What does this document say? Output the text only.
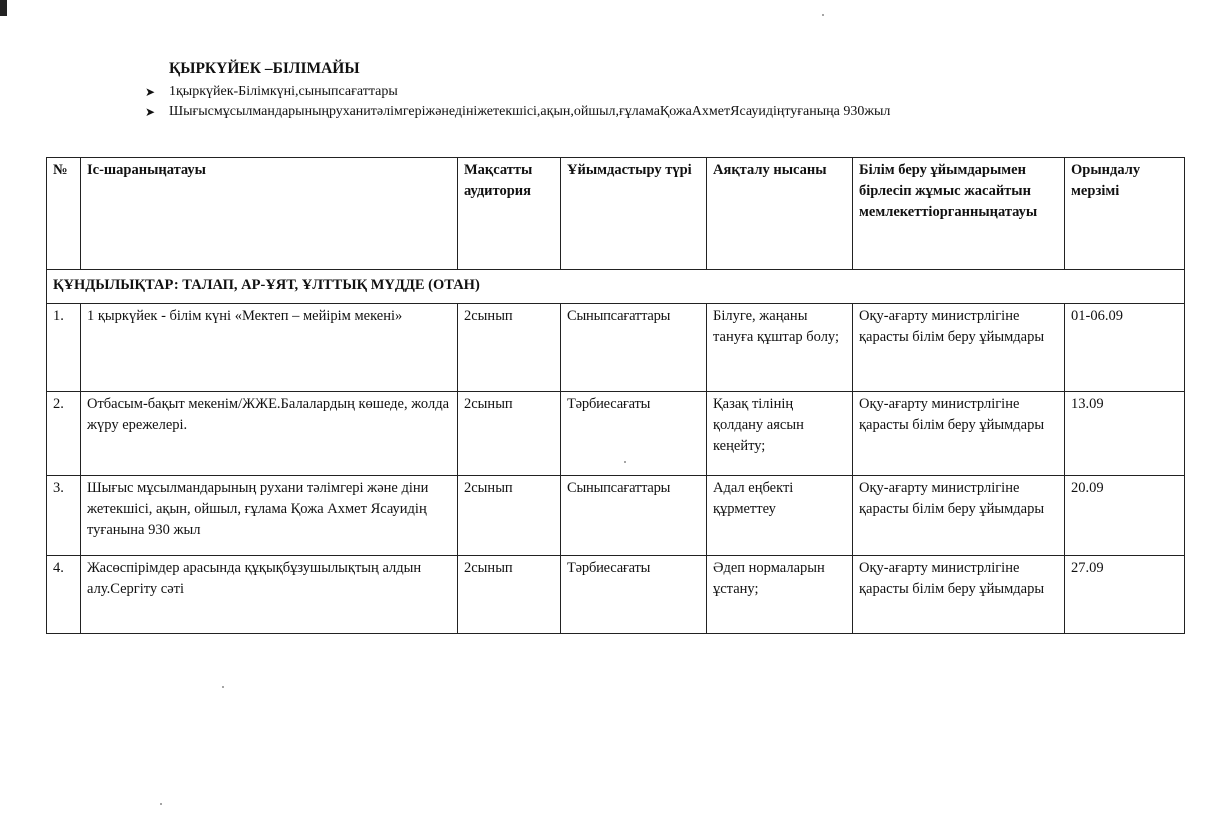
ҚЫРКҮЙЕК –БІЛІМАЙЫ
➤ 1қыркүйек-Білімкүні,сыныпсағаттары
➤ Шығысмұсылмандарыныңруханитәлімгеріжәнедініжетекшісі,ақын,ойшыл,ғұламаҚожаАхметЯсауидіңтуғаныңа 930жыл
№	Іс-шараныңатауы	Мақсатты аудитория	Ұйымдастыру түрі	Аяқталу нысаны	Білім беру ұйымдарымен бірлесіп жұмыс жасайтын мемлекеттіорганныңатауы	Орындалу мерзімі
ҚҰНДЫЛЫҚТАР: ТАЛАП, АР-ҰЯТ, ҰЛТТЫҚ МҮДДЕ (ОТАН)						
1.	1 қыркүйек - білім күні «Мектеп – мейірім мекені»	2сынып	Сыныпсағаттары	Білуге, жаңаны тануға құштар болу;	Оқу-ағарту министрлігіне қарасты білім беру ұйымдары	01-06.09
2.	Отбасым-бақыт мекенім/ЖЖЕ.Балалардың көшеде, жолда жүру ережелері.	2сынып	Тәрбиесағаты	Қазақ тілінің қолдану аясын кеңейту;	Оқу-ағарту министрлігіне қарасты білім беру ұйымдары	13.09
3.	Шығыс мұсылмандарының рухани тәлімгері және діни жетекшісі, ақын, ойшыл, ғұлама Қожа Ахмет Ясауидің туғанына 930 жыл	2сынып	Сыныпсағаттары	Адал еңбекті құрметтеу	Оқу-ағарту министрлігіне қарасты білім беру ұйымдары	20.09
4.	Жасөспірімдер арасында құқықбұзушылықтың алдын алу.Сергіту сәті	2сынып	Тәрбиесағаты	Әдеп нормаларын ұстану;	Оқу-ағарту министрлігіне қарасты білім беру ұйымдары	27.09
